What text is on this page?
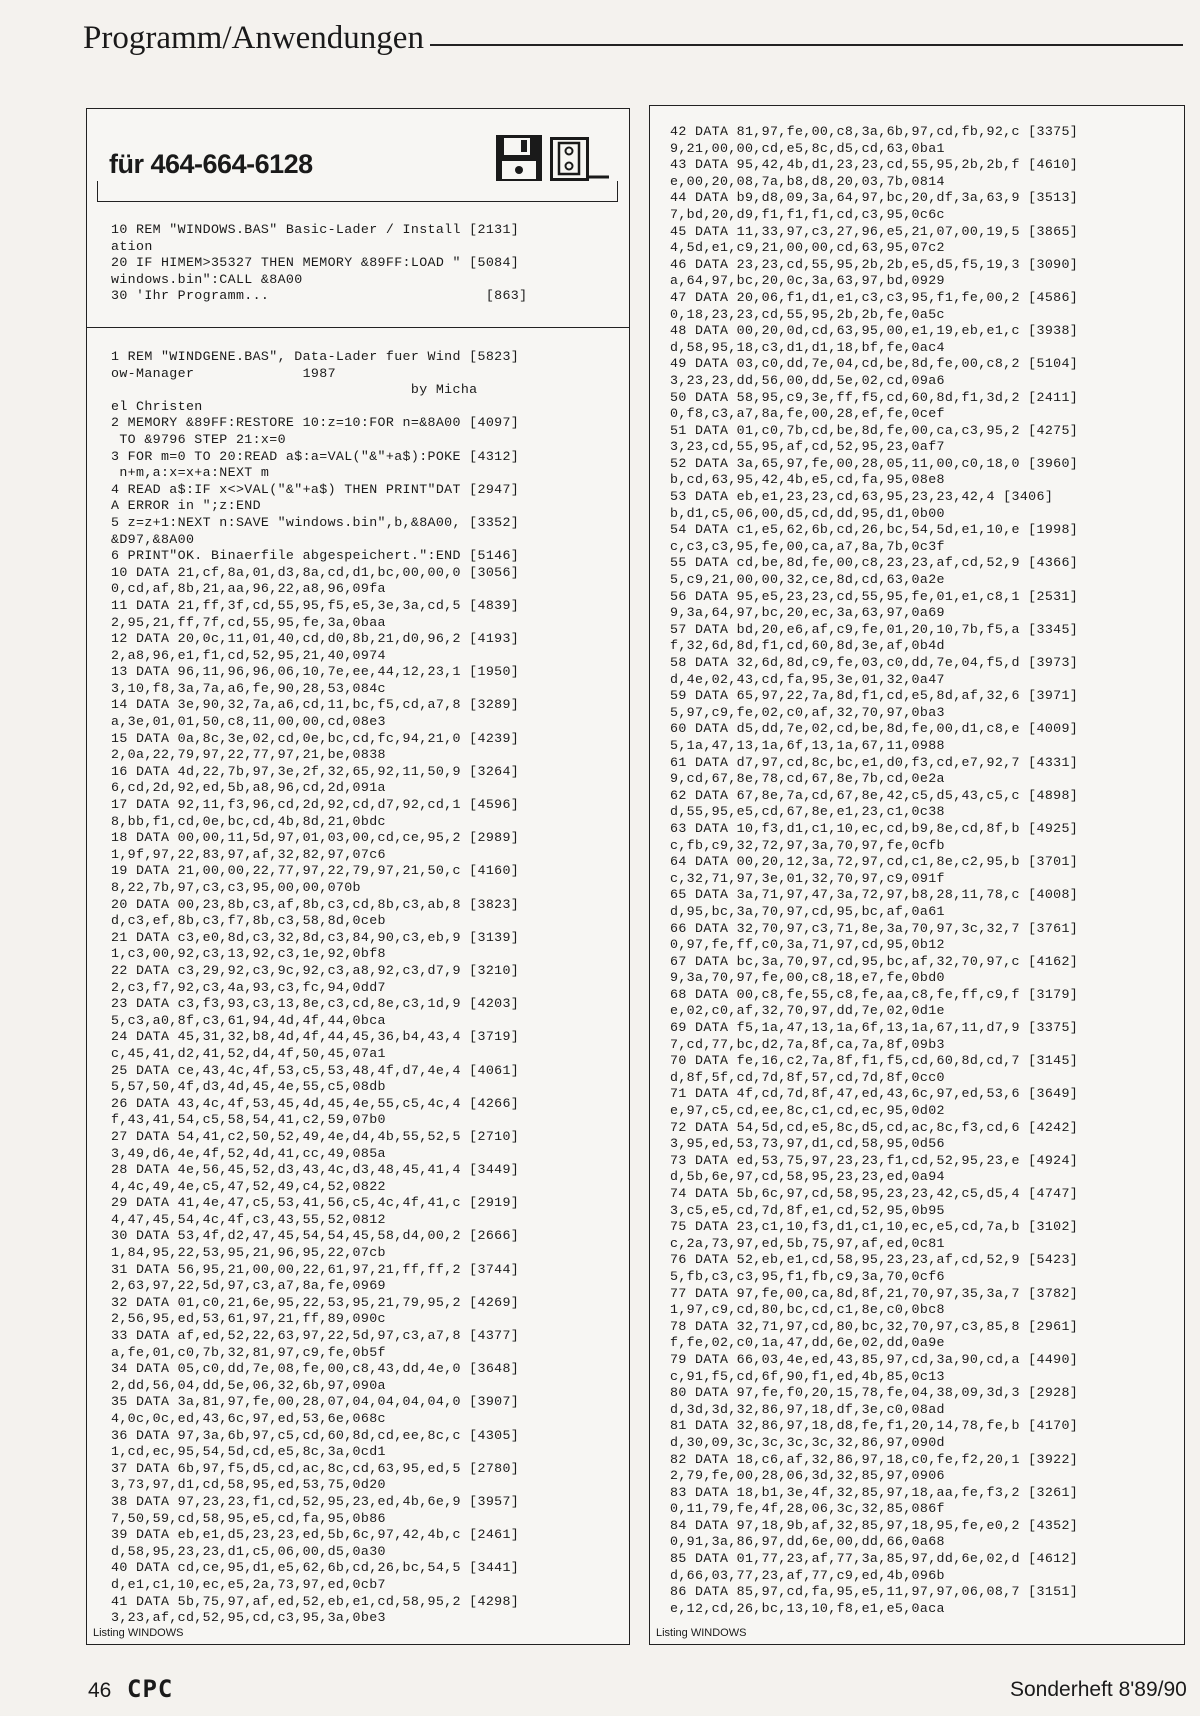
Programm/Anwendungen
für 464-664-6128
10 REM "WINDOWS.BAS" Basic-Lader / Install [2131]
ation
20 IF HIMEM>35327 THEN MEMORY &89FF:LOAD " [5084]
windows.bin":CALL &8A00
30 'Ihr Programm...                          [863]
1 REM "WINDGENE.BAS", Data-Lader fuer Wind [5823]
ow-Manager             1987
by Micha
el Christen
2 MEMORY &89FF:RESTORE 10:z=10:FOR n=&8A00 [4097]
TO &9796 STEP 21:x=0
3 FOR m=0 TO 20:READ a$:a=VAL("&"+a$):POKE [4312]
n+m,a:x=x+a:NEXT m
4 READ a$:IF x<>VAL("&"+a$) THEN PRINT"DAT [2947]
A ERROR in ";z:END
5 z=z+1:NEXT n:SAVE "windows.bin",b,&8A00, [3352]
&D97,&8A00
6 PRINT"OK. Binaerfile abgespeichert.":END [5146]
10 DATA 21,cf,8a,01,d3,8a,cd,d1,bc,00,00,0 [3056]
0,cd,af,8b,21,aa,96,22,a8,96,09fa
11 DATA 21,ff,3f,cd,55,95,f5,e5,3e,3a,cd,5 [4839]
2,95,21,ff,7f,cd,55,95,fe,3a,0baa
12 DATA 20,0c,11,01,40,cd,d0,8b,21,d0,96,2 [4193]
2,a8,96,e1,f1,cd,52,95,21,40,0974
13 DATA 96,11,96,96,06,10,7e,ee,44,12,23,1 [1950]
3,10,f8,3a,7a,a6,fe,90,28,53,084c
14 DATA 3e,90,32,7a,a6,cd,11,bc,f5,cd,a7,8 [3289]
a,3e,01,01,50,c8,11,00,00,cd,08e3
15 DATA 0a,8c,3e,02,cd,0e,bc,cd,fc,94,21,0 [4239]
2,0a,22,79,97,22,77,97,21,be,0838
16 DATA 4d,22,7b,97,3e,2f,32,65,92,11,50,9 [3264]
6,cd,2d,92,ed,5b,a8,96,cd,2d,091a
17 DATA 92,11,f3,96,cd,2d,92,cd,d7,92,cd,1 [4596]
8,bb,f1,cd,0e,bc,cd,4b,8d,21,0bdc
18 DATA 00,00,11,5d,97,01,03,00,cd,ce,95,2 [2989]
1,9f,97,22,83,97,af,32,82,97,07c6
19 DATA 21,00,00,22,77,97,22,79,97,21,50,c [4160]
8,22,7b,97,c3,c3,95,00,00,070b
20 DATA 00,23,8b,c3,af,8b,c3,cd,8b,c3,ab,8 [3823]
d,c3,ef,8b,c3,f7,8b,c3,58,8d,0ceb
21 DATA c3,e0,8d,c3,32,8d,c3,84,90,c3,eb,9 [3139]
1,c3,00,92,c3,13,92,c3,1e,92,0bf8
22 DATA c3,29,92,c3,9c,92,c3,a8,92,c3,d7,9 [3210]
2,c3,f7,92,c3,4a,93,c3,fc,94,0dd7
23 DATA c3,f3,93,c3,13,8e,c3,cd,8e,c3,1d,9 [4203]
5,c3,a0,8f,c3,61,94,4d,4f,44,0bca
24 DATA 45,31,32,b8,4d,4f,44,45,36,b4,43,4 [3719]
c,45,41,d2,41,52,d4,4f,50,45,07a1
25 DATA ce,43,4c,4f,53,c5,53,48,4f,d7,4e,4 [4061]
5,57,50,4f,d3,4d,45,4e,55,c5,08db
26 DATA 43,4c,4f,53,45,4d,45,4e,55,c5,4c,4 [4266]
f,43,41,54,c5,58,54,41,c2,59,07b0
27 DATA 54,41,c2,50,52,49,4e,d4,4b,55,52,5 [2710]
3,49,d6,4e,4f,52,4d,41,cc,49,085a
28 DATA 4e,56,45,52,d3,43,4c,d3,48,45,41,4 [3449]
4,4c,49,4e,c5,47,52,49,c4,52,0822
29 DATA 41,4e,47,c5,53,41,56,c5,4c,4f,41,c [2919]
4,47,45,54,4c,4f,c3,43,55,52,0812
30 DATA 53,4f,d2,47,45,54,54,45,58,d4,00,2 [2666]
1,84,95,22,53,95,21,96,95,22,07cb
31 DATA 56,95,21,00,00,22,61,97,21,ff,ff,2 [3744]
2,63,97,22,5d,97,c3,a7,8a,fe,0969
32 DATA 01,c0,21,6e,95,22,53,95,21,79,95,2 [4269]
2,56,95,ed,53,61,97,21,ff,89,090c
33 DATA af,ed,52,22,63,97,22,5d,97,c3,a7,8 [4377]
a,fe,01,c0,7b,32,81,97,c9,fe,0b5f
34 DATA 05,c0,dd,7e,08,fe,00,c8,43,dd,4e,0 [3648]
2,dd,56,04,dd,5e,06,32,6b,97,090a
35 DATA 3a,81,97,fe,00,28,07,04,04,04,04,0 [3907]
4,0c,0c,ed,43,6c,97,ed,53,6e,068c
36 DATA 97,3a,6b,97,c5,cd,60,8d,cd,ee,8c,c [4305]
1,cd,ec,95,54,5d,cd,e5,8c,3a,0cd1
37 DATA 6b,97,f5,d5,cd,ac,8c,cd,63,95,ed,5 [2780]
3,73,97,d1,cd,58,95,ed,53,75,0d20
38 DATA 97,23,23,f1,cd,52,95,23,ed,4b,6e,9 [3957]
7,50,59,cd,58,95,e5,cd,fa,95,0b86
39 DATA eb,e1,d5,23,23,ed,5b,6c,97,42,4b,c [2461]
d,58,95,23,23,d1,c5,06,00,d5,0a30
40 DATA cd,ce,95,d1,e5,62,6b,cd,26,bc,54,5 [3441]
d,e1,c1,10,ec,e5,2a,73,97,ed,0cb7
41 DATA 5b,75,97,af,ed,52,eb,e1,cd,58,95,2 [4298]
3,23,af,cd,52,95,cd,c3,95,3a,0be3
Listing WINDOWS
42 DATA 81,97,fe,00,c8,3a,6b,97,cd,fb,92,c [3375]
9,21,00,00,cd,e5,8c,d5,cd,63,0ba1
43 DATA 95,42,4b,d1,23,23,cd,55,95,2b,2b,f [4610]
e,00,20,08,7a,b8,d8,20,03,7b,0814
44 DATA b9,d8,09,3a,64,97,bc,20,df,3a,63,9 [3513]
7,bd,20,d9,f1,f1,f1,cd,c3,95,0c6c
45 DATA 11,33,97,c3,27,96,e5,21,07,00,19,5 [3865]
4,5d,e1,c9,21,00,00,cd,63,95,07c2
46 DATA 23,23,cd,55,95,2b,2b,e5,d5,f5,19,3 [3090]
a,64,97,bc,20,0c,3a,63,97,bd,0929
47 DATA 20,06,f1,d1,e1,c3,c3,95,f1,fe,00,2 [4586]
0,18,23,23,cd,55,95,2b,2b,fe,0a5c
48 DATA 00,20,0d,cd,63,95,00,e1,19,eb,e1,c [3938]
d,58,95,18,c3,d1,d1,18,bf,fe,0ac4
49 DATA 03,c0,dd,7e,04,cd,be,8d,fe,00,c8,2 [5104]
3,23,23,dd,56,00,dd,5e,02,cd,09a6
50 DATA 58,95,c9,3e,ff,f5,cd,60,8d,f1,3d,2 [2411]
0,f8,c3,a7,8a,fe,00,28,ef,fe,0cef
51 DATA 01,c0,7b,cd,be,8d,fe,00,ca,c3,95,2 [4275]
3,23,cd,55,95,af,cd,52,95,23,0af7
52 DATA 3a,65,97,fe,00,28,05,11,00,c0,18,0 [3960]
b,cd,63,95,42,4b,e5,cd,fa,95,08e8
53 DATA eb,e1,23,23,cd,63,95,23,23,42,4 [3406]
b,d1,c5,06,00,d5,cd,dd,95,d1,0b00
54 DATA c1,e5,62,6b,cd,26,bc,54,5d,e1,10,e [1998]
c,c3,c3,95,fe,00,ca,a7,8a,7b,0c3f
55 DATA cd,be,8d,fe,00,c8,23,23,af,cd,52,9 [4366]
5,c9,21,00,00,32,ce,8d,cd,63,0a2e
56 DATA 95,e5,23,23,cd,55,95,fe,01,e1,c8,1 [2531]
9,3a,64,97,bc,20,ec,3a,63,97,0a69
57 DATA bd,20,e6,af,c9,fe,01,20,10,7b,f5,a [3345]
f,32,6d,8d,f1,cd,60,8d,3e,af,0b4d
58 DATA 32,6d,8d,c9,fe,03,c0,dd,7e,04,f5,d [3973]
d,4e,02,43,cd,fa,95,3e,01,32,0a47
59 DATA 65,97,22,7a,8d,f1,cd,e5,8d,af,32,6 [3971]
5,97,c9,fe,02,c0,af,32,70,97,0ba3
60 DATA d5,dd,7e,02,cd,be,8d,fe,00,d1,c8,e [4009]
5,1a,47,13,1a,6f,13,1a,67,11,0988
61 DATA d7,97,cd,8c,bc,e1,d0,f3,cd,e7,92,7 [4331]
9,cd,67,8e,78,cd,67,8e,7b,cd,0e2a
62 DATA 67,8e,7a,cd,67,8e,42,c5,d5,43,c5,c [4898]
d,55,95,e5,cd,67,8e,e1,23,c1,0c38
63 DATA 10,f3,d1,c1,10,ec,cd,b9,8e,cd,8f,b [4925]
c,fb,c9,32,72,97,3a,70,97,fe,0cfb
64 DATA 00,20,12,3a,72,97,cd,c1,8e,c2,95,b [3701]
c,32,71,97,3e,01,32,70,97,c9,091f
65 DATA 3a,71,97,47,3a,72,97,b8,28,11,78,c [4008]
d,95,bc,3a,70,97,cd,95,bc,af,0a61
66 DATA 32,70,97,c3,71,8e,3a,70,97,3c,32,7 [3761]
0,97,fe,ff,c0,3a,71,97,cd,95,0b12
67 DATA bc,3a,70,97,cd,95,bc,af,32,70,97,c [4162]
9,3a,70,97,fe,00,c8,18,e7,fe,0bd0
68 DATA 00,c8,fe,55,c8,fe,aa,c8,fe,ff,c9,f [3179]
e,02,c0,af,32,70,97,dd,7e,02,0d1e
69 DATA f5,1a,47,13,1a,6f,13,1a,67,11,d7,9 [3375]
7,cd,77,bc,d2,7a,8f,ca,7a,8f,09b3
70 DATA fe,16,c2,7a,8f,f1,f5,cd,60,8d,cd,7 [3145]
d,8f,5f,cd,7d,8f,57,cd,7d,8f,0cc0
71 DATA 4f,cd,7d,8f,47,ed,43,6c,97,ed,53,6 [3649]
e,97,c5,cd,ee,8c,c1,cd,ec,95,0d02
72 DATA 54,5d,cd,e5,8c,d5,cd,ac,8c,f3,cd,6 [4242]
3,95,ed,53,73,97,d1,cd,58,95,0d56
73 DATA ed,53,75,97,23,23,f1,cd,52,95,23,e [4924]
d,5b,6e,97,cd,58,95,23,23,ed,0a94
74 DATA 5b,6c,97,cd,58,95,23,23,42,c5,d5,4 [4747]
3,c5,e5,cd,7d,8f,e1,cd,52,95,0b95
75 DATA 23,c1,10,f3,d1,c1,10,ec,e5,cd,7a,b [3102]
c,2a,73,97,ed,5b,75,97,af,ed,0c81
76 DATA 52,eb,e1,cd,58,95,23,23,af,cd,52,9 [5423]
5,fb,c3,c3,95,f1,fb,c9,3a,70,0cf6
77 DATA 97,fe,00,ca,8d,8f,21,70,97,35,3a,7 [3782]
1,97,c9,cd,80,bc,cd,c1,8e,c0,0bc8
78 DATA 32,71,97,cd,80,bc,32,70,97,c3,85,8 [2961]
f,fe,02,c0,1a,47,dd,6e,02,dd,0a9e
79 DATA 66,03,4e,ed,43,85,97,cd,3a,90,cd,a [4490]
c,91,f5,cd,6f,90,f1,ed,4b,85,0c13
80 DATA 97,fe,f0,20,15,78,fe,04,38,09,3d,3 [2928]
d,3d,3d,32,86,97,18,df,3e,c0,08ad
81 DATA 32,86,97,18,d8,fe,f1,20,14,78,fe,b [4170]
d,30,09,3c,3c,3c,3c,32,86,97,090d
82 DATA 18,c6,af,32,86,97,18,c0,fe,f2,20,1 [3922]
2,79,fe,00,28,06,3d,32,85,97,0906
83 DATA 18,b1,3e,4f,32,85,97,18,aa,fe,f3,2 [3261]
0,11,79,fe,4f,28,06,3c,32,85,086f
84 DATA 97,18,9b,af,32,85,97,18,95,fe,e0,2 [4352]
0,91,3a,86,97,dd,6e,00,dd,66,0a68
85 DATA 01,77,23,af,77,3a,85,97,dd,6e,02,d [4612]
d,66,03,77,23,af,77,c9,ed,4b,096b
86 DATA 85,97,cd,fa,95,e5,11,97,97,06,08,7 [3151]
e,12,cd,26,bc,13,10,f8,e1,e5,0aca
Listing WINDOWS
46 CPC	Sonderheft 8'89/90
